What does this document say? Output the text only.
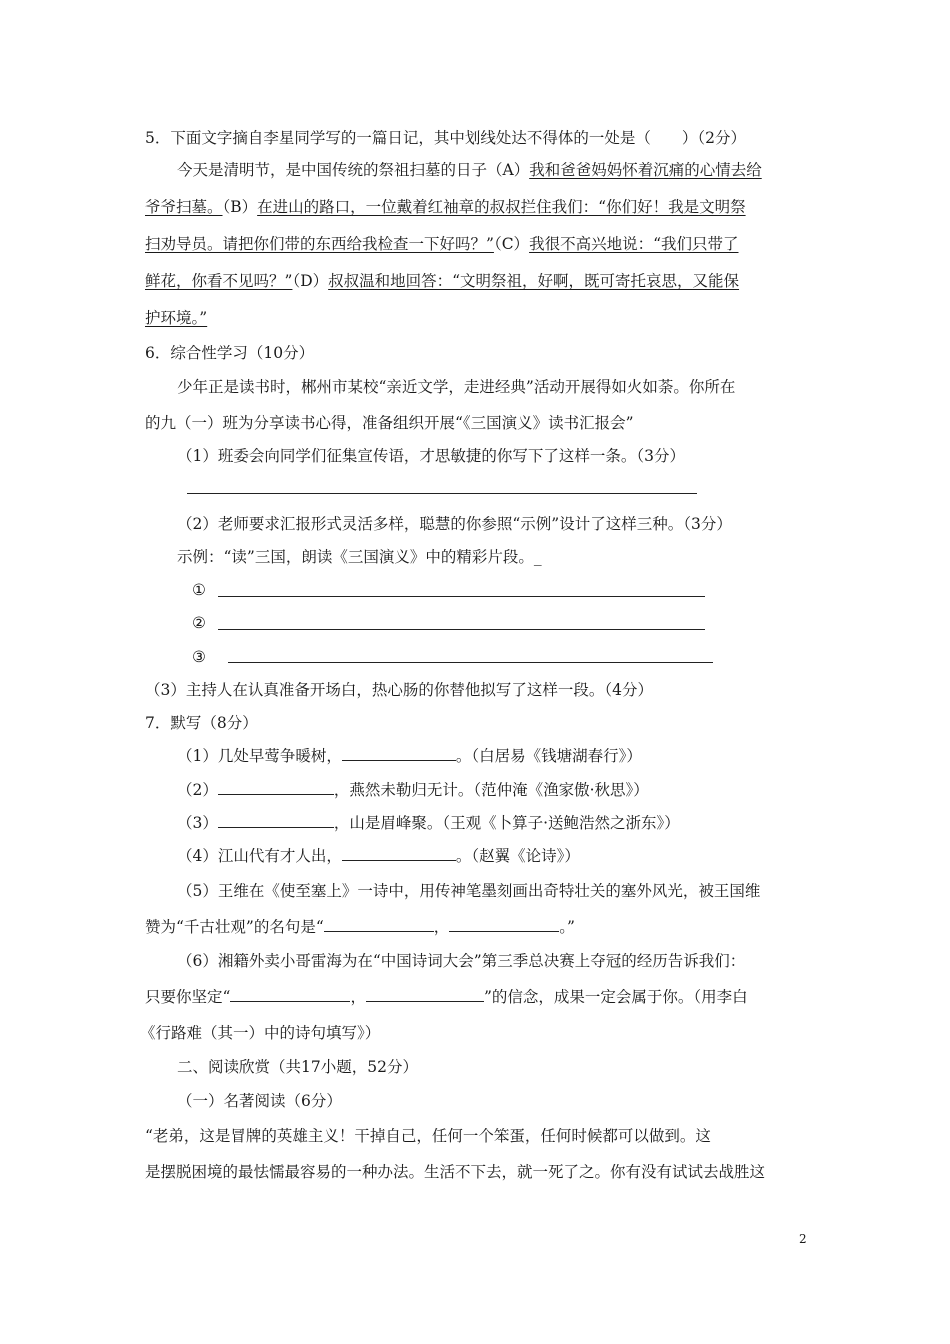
5．下面文字摘自李星同学写的一篇日记，其中划线处达不得体的一处是（　　）（2分）
今天是清明节，是中国传统的祭祖扫墓的日子（A）我和爸爸妈妈怀着沉痛的心情去给
爷爷扫墓。（B）在进山的路口，一位戴着红袖章的叔叔拦住我们：“你们好！我是文明祭
扫劝导员。请把你们带的东西给我检查一下好吗？”（C）我很不高兴地说：“我们只带了
鲜花，你看不见吗？”（D）叔叔温和地回答：“文明祭祖，好啊，既可寄托哀思，又能保
护环境。”
6．综合性学习（10分）
少年正是读书时，郴州市某校“亲近文学，走进经典”活动开展得如火如荼。你所在
的九（一）班为分享读书心得，准备组织开展“《三国演义》读书汇报会”
（1）班委会向同学们征集宣传语，才思敏捷的你写下了这样一条。（3分）
（2）老师要求汇报形式灵活多样，聪慧的你参照“示例”设计了这样三种。（3分）
示例：“读”三国，朗读《三国演义》中的精彩片段。_
①
②
③
（3）主持人在认真准备开场白，热心肠的你替他拟写了这样一段。（4分）
7．默写（8分）
（1）几处早莺争暖树，	。（白居易《钱塘湖春行》）
（2）	，燕然未勒归无计。（范仲淹《渔家傲·秋思》）
（3）	，山是眉峰聚。（王观《卜算子·送鲍浩然之浙东》）
（4）江山代有才人出，	。（赵翼《论诗》）
（5）王维在《使至塞上》一诗中，用传神笔墨刻画出奇特壮关的塞外风光，被王国维
赞为“千古壮观”的名句是“	，	。”
（6）湘籍外卖小哥雷海为在“中国诗词大会”第三季总决赛上夺冠的经历告诉我们：
只要你坚定“	，	”的信念，成果一定会属于你。（用李白
《行路难（其一）中的诗句填写》）
二、阅读欣赏（共17小题，52分）
（一）名著阅读（6分）
“老弟，这是冒牌的英雄主义！干掉自己，任何一个笨蛋，任何时候都可以做到。这
是摆脱困境的最怯懦最容易的一种办法。生活不下去，就一死了之。你有没有试试去战胜这
2
